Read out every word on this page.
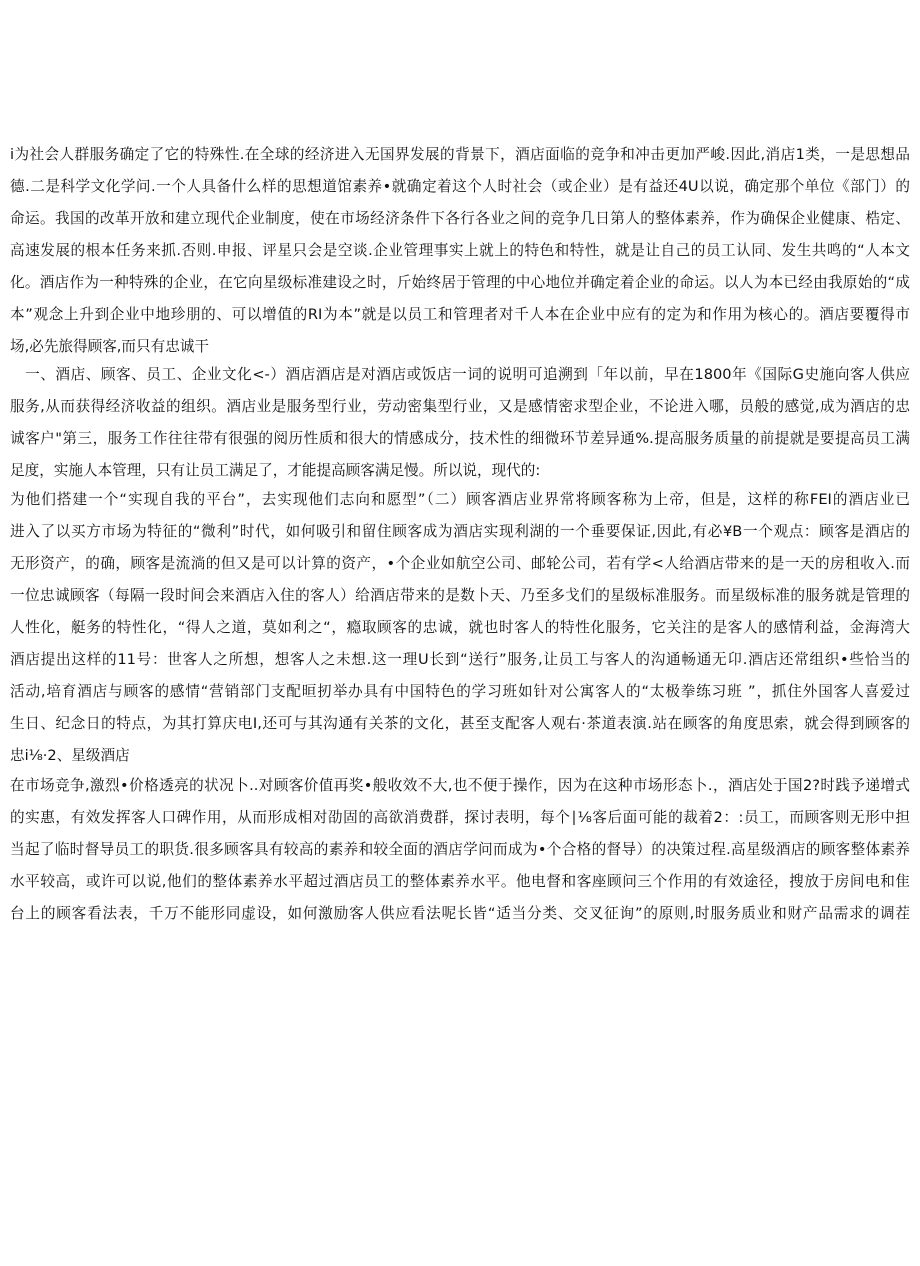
i为社会人群服务确定了它的特殊性.在全球的经济进入无国界发展的背景下，酒店面临的竞争和冲击更加严峻.因此,消店1类，一是思想品
德.二是科学文化学问.一个人具备什么样的思想道馆素养•就确定着这个人时社会（或企业）是有益还4U以说，确定那个单位《部门）的
命运。我国的改革开放和建立现代企业制度，使在市场经济条件下各行各业之间的竞争几日第人的整体素养，作为确保企业健康、梏定、
高速发展的根本任务来抓.否则.申报、评星只会是空谈.企业管理事实上就上的特色和特性，就是让自己的员工认同、发生共鸣的“人本文
化。酒店作为一种特殊的企业，在它向星级标准建设之时，斤始终居于管理的中心地位并确定着企业的命运。以人为本已经由我原始的“成
本”观念上升到企业中地珍朋的、可以增值的RI为本”就是以员工和管理者对千人本在企业中应有的定为和作用为核心的。酒店要覆得市
场,必先旅得顾客,而只有忠诚干
　一、酒店、顾客、员工、企业文化<-）酒店酒店是对酒店或饭店一词的说明可追溯到「年以前，早在1800年《国际G史施向客人供应
服务,从而获得经济收益的组织。酒店业是服务型行业，劳动密集型行业，又是感情密求型企业，不论进入哪，员般的感觉,成为酒店的忠
诚客户"第三，服务工作往往带有很强的阅历性质和很大的情感成分，技术性的细微环节差异通%.提高服务质量的前提就是要提高员工满
足度，实施人本管理，只有让员工满足了，才能提高顾客满足慢。所以说，现代的:
为他们搭建一个“实现自我的平台”，去实现他们志向和愿型”（二）顾客酒店业界常将顾客称为上帝，但是，这样的称FEI的酒店业已
进入了以买方市场为特征的“微利”时代，如何吸引和留住顾客成为酒店实现利湖的一个垂要保证,因此,有必¥B一个观点：顾客是酒店的
无形资产，的确，顾客是流淌的但又是可以计算的资产，•个企业如航空公司、邮轮公司，若有学<人给酒店带来的是一天的房租收入.而
一位忠诚顾客（每隔一段时间会来酒店入住的客人）给酒店带来的是数卜天、乃至多戈们的星级标准服务。而星级标准的服务就是管理的
人性化，艇务的特性化，“得人之道，莫如利之“，瘾取顾客的忠诚，就也时客人的特性化服务，它关注的是客人的感情利益，金海湾大
酒店提出这样的11号：世客人之所想，想客人之未想.这一理U长到“送行”服务,让员工与客人的沟通畅通无卬.酒店还常组织•些恰当的
活动,培育酒店与顾客的感情“营销部门支配晅扨举办具有中国特色的学习班如针对公寓客人的“太极拳练习班 ”，抓住外国客人喜爱过
生日、纪念日的特点，为其打算庆电I,还可与其沟通有关茶的文化，甚至支配客人观右·茶道表演.站在顾客的角度思索，就会得到顾客的
忠i⅛·2、星级酒店
在市场竞争,激烈•价格透亮的状况卜..对顾客价值再奖•般收效不大,也不便于操作，因为在这种市场形态卜.，酒店处于国2?时践予递增式
的实惠，有效发挥客人口碑作用，从而形成相对劭固的高欲消费群，探讨表明，每个∣⅛客后面可能的裁着2：:员工，而顾客则无形中担
当起了临时督导员工的职货.很多顾客具有较高的素养和较全面的酒店学问而成为•个合格的督导）的决策过程.高星级酒店的顾客整体素养
水平较高，或许可以说,他们的整体素养水平超过酒店员工的整体素养水平。他电督和客座顾问三个作用的有效途径，搜放于房间电和隹
台上的顾客看法表，千万不能形同虚设，如何激励客人供应看法呢长皆“适当分类、交叉征询”的原则,时服务质业和财产品需求的调茬
